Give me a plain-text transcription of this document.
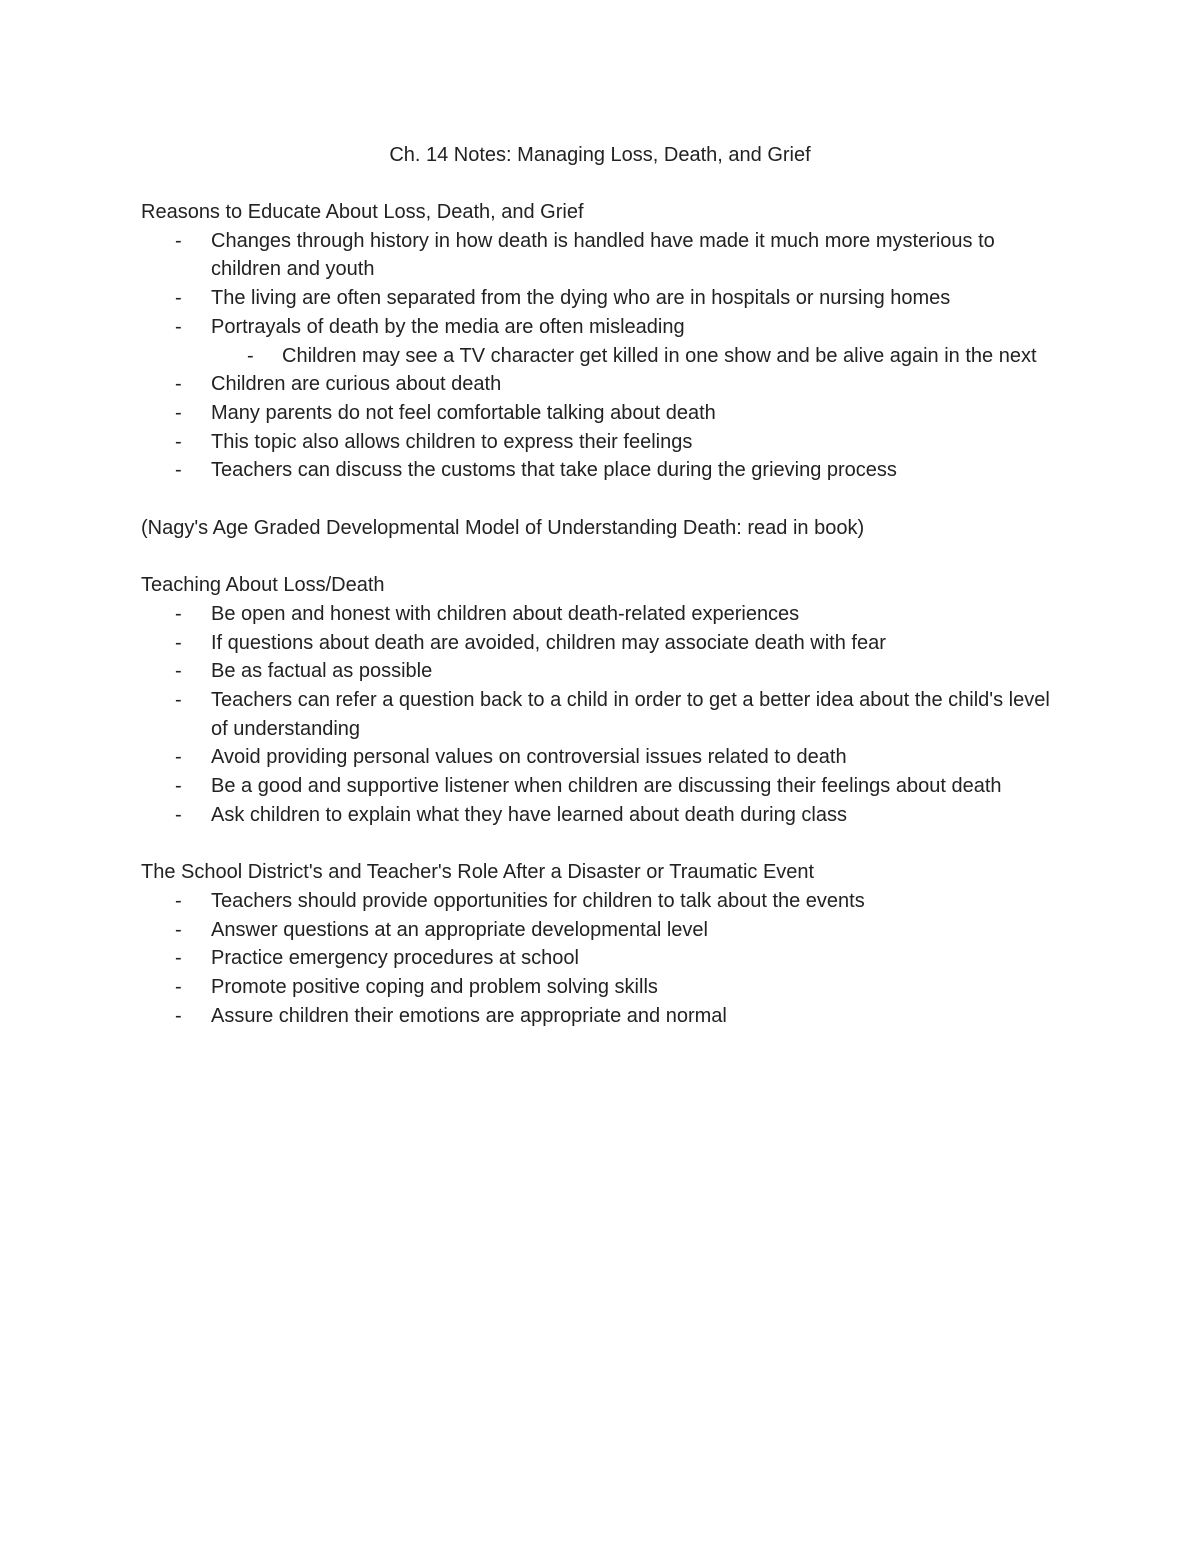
Ch. 14 Notes: Managing Loss, Death, and Grief
Reasons to Educate About Loss, Death, and Grief
- Changes through history in how death is handled have made it much more mysterious to children and youth
- The living are often separated from the dying who are in hospitals or nursing homes
- Portrayals of death by the media are often misleading
- Children may see a TV character get killed in one show and be alive again in the next
- Children are curious about death
- Many parents do not feel comfortable talking about death
- This topic also allows children to express their feelings
- Teachers can discuss the customs that take place during the grieving process

(Nagy's Age Graded Developmental Model of Understanding Death: read in book)

Teaching About Loss/Death
- Be open and honest with children about death-related experiences
- If questions about death are avoided, children may associate death with fear
- Be as factual as possible
- Teachers can refer a question back to a child in order to get a better idea about the child's level of understanding
- Avoid providing personal values on controversial issues related to death
- Be a good and supportive listener when children are discussing their feelings about death
- Ask children to explain what they have learned about death during class
The School District's and Teacher's Role After a Disaster or Traumatic Event
- Teachers should provide opportunities for children to talk about the events
- Answer questions at an appropriate developmental level
- Practice emergency procedures at school
- Promote positive coping and problem solving skills
- Assure children their emotions are appropriate and normal
